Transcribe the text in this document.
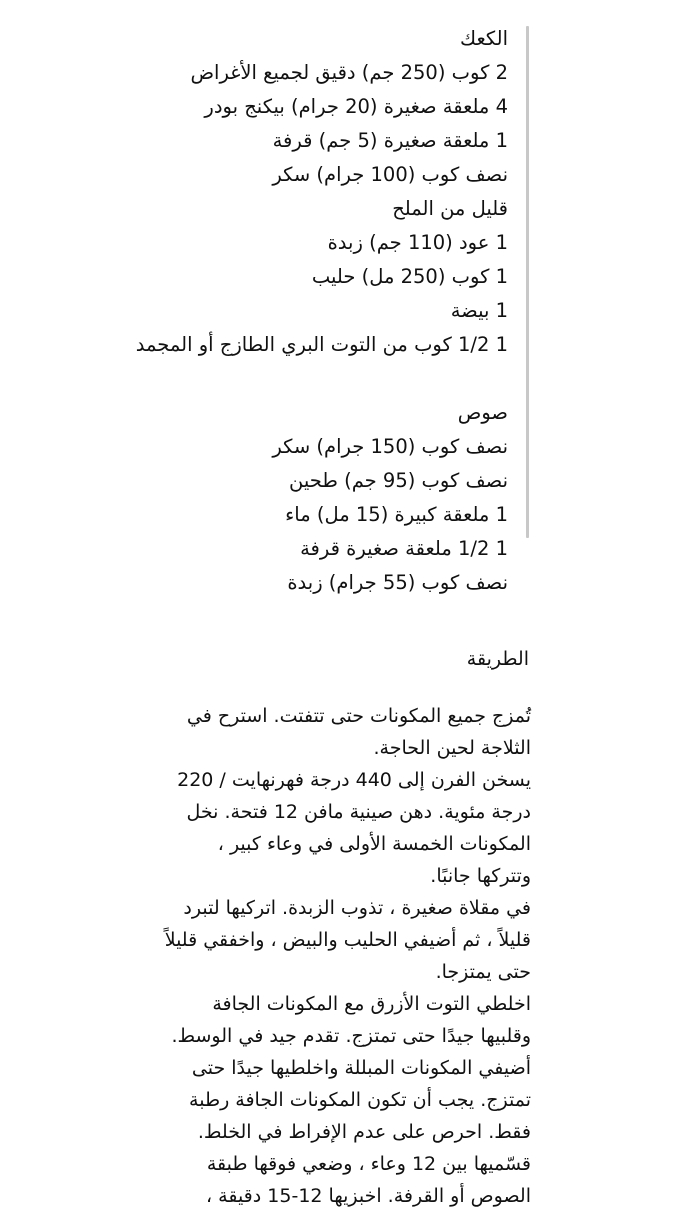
الكعك
2 كوب (250 جم) دقيق لجميع الأغراض
4 ملعقة صغيرة (20 جرام) بيكنج بودر
1 ملعقة صغيرة (5 جم) قرفة
نصف كوب (100 جرام) سكر
قليل من الملح
1 عود (110 جم) زبدة
1 كوب (250 مل) حليب
1 بيضة
1 1/2 كوب من التوت البري الطازج أو المجمد
صوص
نصف كوب (150 جرام) سكر
نصف كوب (95 جم) طحين
1 ملعقة كبيرة (15 مل) ماء
1 1/2 ملعقة صغيرة قرفة
نصف كوب (55 جرام) زبدة
الطريقة

تُمزج جميع المكونات حتى تتفتت. استرح في الثلاجة لحين الحاجة.

يسخن الفرن إلى 440 درجة فهرنهايت / 220 درجة مئوية. دهن صينية مافن 12 فتحة. نخل المكونات الخمسة الأولى في وعاء كبير ، وتتركها جانبًا.

في مقلاة صغيرة ، تذوب الزبدة. اتركيها لتبرد قليلاً ، ثم أضيفي الحليب والبيض ، واخفقي قليلاً حتى يمتزجا.

اخلطي التوت الأزرق مع المكونات الجافة وقلبيها جيدًا حتى تمتزج. تقدم جيد في الوسط. أضيفي المكونات المبللة واخلطيها جيدًا حتى تمتزج. يجب أن تكون المكونات الجافة رطبة فقط. احرص على عدم الإفراط في الخلط.

قسّميها بين 12 وعاء ، وضعي فوقها طبقة الصوص أو القرفة. اخبزيها 12-15 دقيقة ،
